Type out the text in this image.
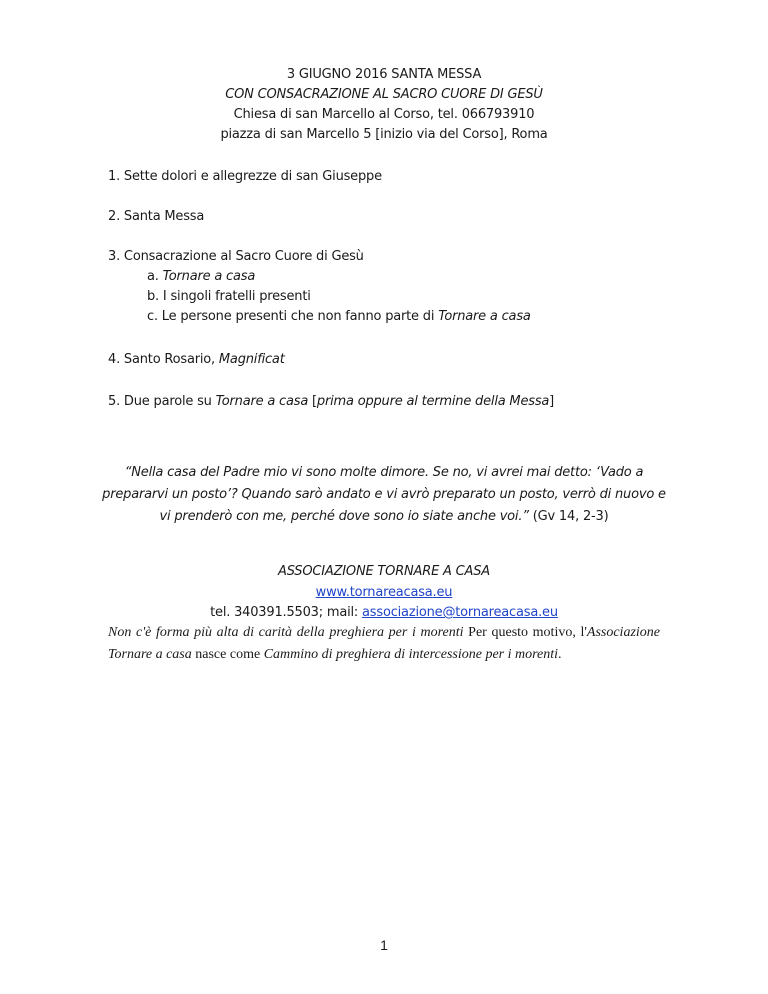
3 GIUGNO 2016 SANTA MESSA
CON CONSACRAZIONE AL SACRO CUORE DI GESÙ
Chiesa di san Marcello al Corso, tel. 066793910
piazza di san Marcello 5 [inizio via del Corso], Roma
1. Sette dolori e allegrezze di san Giuseppe
2. Santa Messa
3. Consacrazione al Sacro Cuore di Gesù
a. Tornare a casa
b. I singoli fratelli presenti
c. Le persone presenti che non fanno parte di Tornare a casa
4. Santo Rosario, Magnificat
5. Due parole su Tornare a casa [prima oppure al termine della Messa]
“Nella casa del Padre mio vi sono molte dimore. Se no, vi avrei mai detto: ‘Vado a
prepararvi un posto’? Quando sarò andato e vi avrò preparato un posto, verrò di nuovo e
vi prenderò con me, perché dove sono io siate anche voi.” (Gv 14, 2-3)
ASSOCIAZIONE TORNARE A CASA
www.tornareacasa.eu
tel. 340391.5503; mail: associazione@tornareacasa.eu
Non c'è forma più alta di carità della preghiera per i morenti Per questo motivo, l'Associazione Tornare a casa nasce come Cammino di preghiera di intercessione per i morenti.
1
